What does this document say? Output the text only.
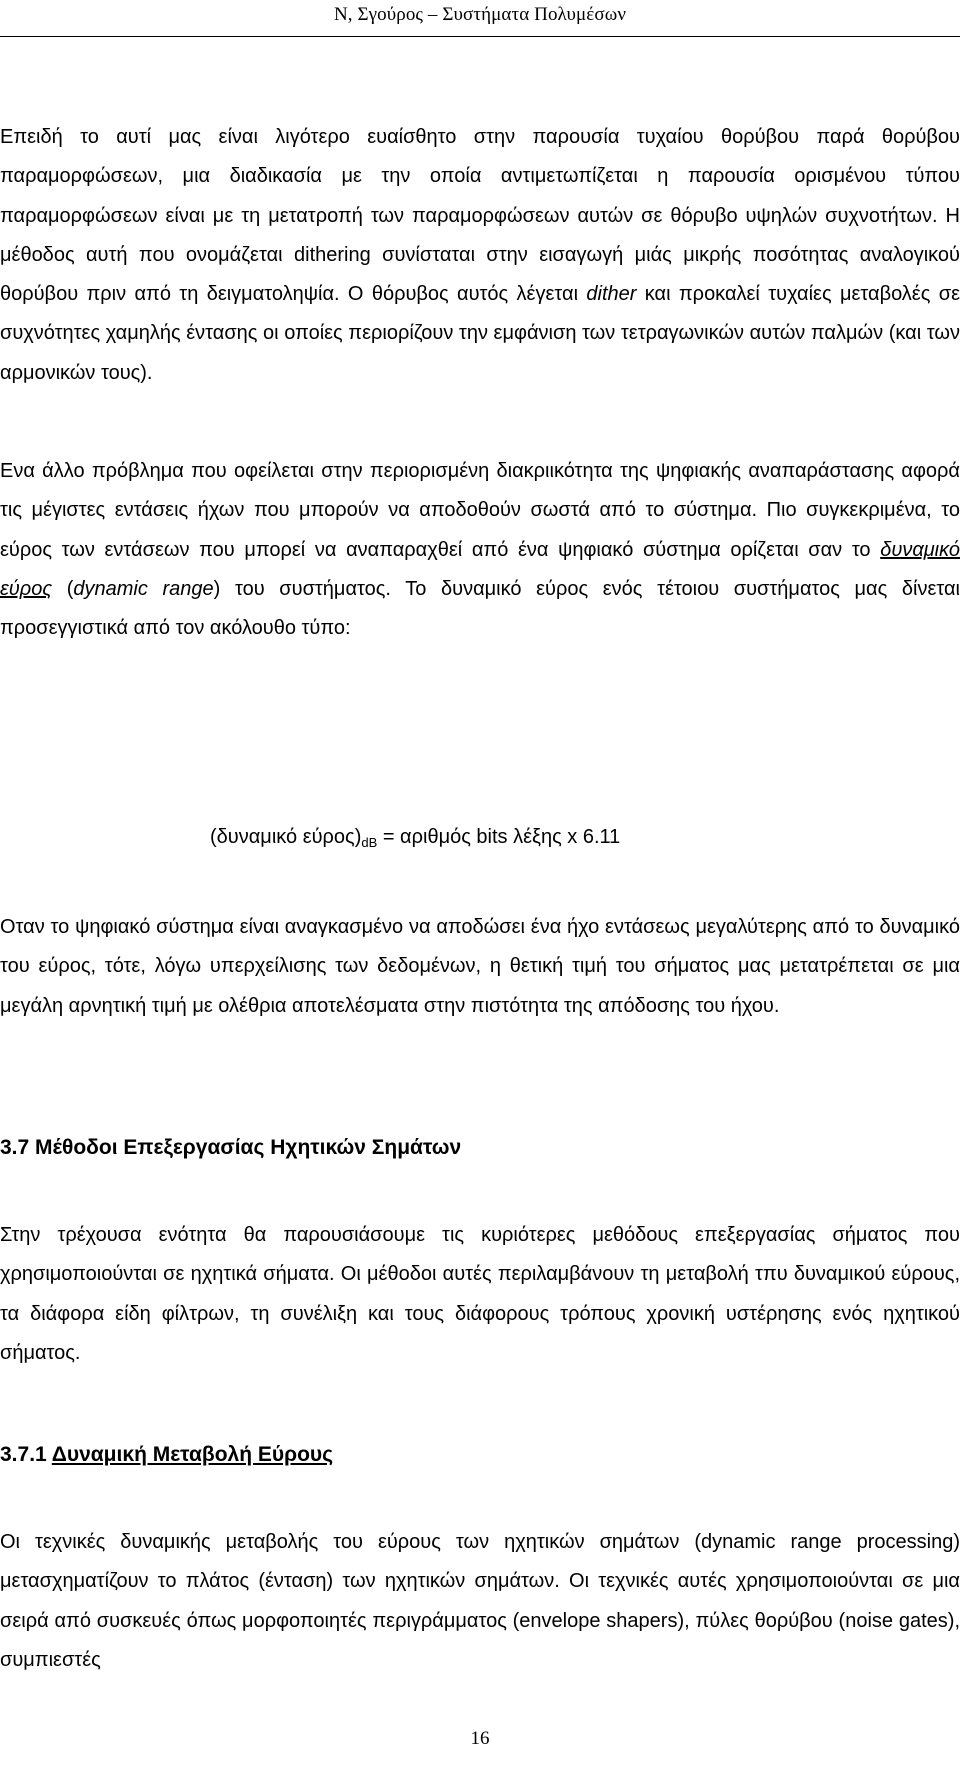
Ν, Σγούρος – Συστήματα Πολυμέσων

Επειδή το αυτί μας είναι λιγότερο ευαίσθητο στην παρουσία τυχαίου θορύβου παρά θορύβου παραμορφώσεων, μια διαδικασία με την οποία αντιμετωπίζεται η παρουσία ορισμένου τύπου παραμορφώσεων είναι με τη μετατροπή των παραμορφώσεων αυτών σε θόρυβο υψηλών συχνοτήτων. Η μέθοδος αυτή που ονομάζεται dithering συνίσταται στην εισαγωγή μιάς μικρής ποσότητας αναλογικού θορύβου πριν από τη δειγματοληψία. Ο θόρυβος αυτός λέγεται dither και προκαλεί τυχαίες μεταβολές σε συχνότητες χαμηλής έντασης οι οποίες περιορίζουν την εμφάνιση των τετραγωνικών αυτών παλμών (και των αρμονικών τους).

Ενα άλλο πρόβλημα που οφείλεται στην περιορισμένη διακριικότητα της ψηφιακής αναπαράστασης αφορά τις μέγιστες εντάσεις ήχων που μπορούν να αποδοθούν σωστά από το σύστημα. Πιο συγκεκριμένα, το εύρος των εντάσεων που μπορεί να αναπαραχθεί από ένα ψηφιακό σύστημα ορίζεται σαν το δυναμικό εύρος (dynamic range) του συστήματος. Το δυναμικό εύρος ενός τέτοιου συστήματος μας δίνεται προσεγγιστικά από τον ακόλουθο τύπο:

(δυναμικό $\varepsilon ύ\rho o\varsigma)_{dB} = \alpha\rho\iota\theta\mu ό\varsigma$ bits λέξης x 6.11

Οταν το ψηφιακό σύστημα είναι αναγκασμένο να αποδώσει ένα ήχο εντάσεως μεγαλύτερης από το δυναμικό του εύρος, τότε, λόγω υπερχείλισης των δεδομένων, η θετική τιμή του σήματος μας μετατρέπεται σε μια μεγάλη αρνητική τιμή με ολέθρια αποτελέσματα στην πιστότητα της απόδοσης του ήχου.

3.7 Μέθοδοι Επεξεργασίας Ηχητικών Σημάτων

Στην τρέχουσα ενότητα θα παρουσιάσουμε τις κυριότερες μεθόδους επεξεργασίας σήματος που χρησιμοποιούνται σε ηχητικά σήματα. Οι μέθοδοι αυτές περιλαμβάνουν τη μεταβολή τπυ δυναμικού εύρους, τα διάφορα είδη φίλτρων, τη συνέλιξη και τους διάφορους τρόπους χρονική υστέρησης ενός ηχητικού σήματος.

3.7.1 Δυναμική Μεταβολή Εύρους

Οι τεχνικές δυναμικής μεταβολής του εύρους των ηχητικών σημάτων (dynamic range processing) μετασχηματίζουν το πλάτος (ένταση) των ηχητικών σημάτων. Οι τεχνικές αυτές χρησιμοποιούνται σε μια σειρά από συσκευές όπως μορφοποιητές περιγράμματος (envelope shapers), πύλες θορύβου (noise gates), συμπιεστές

16
